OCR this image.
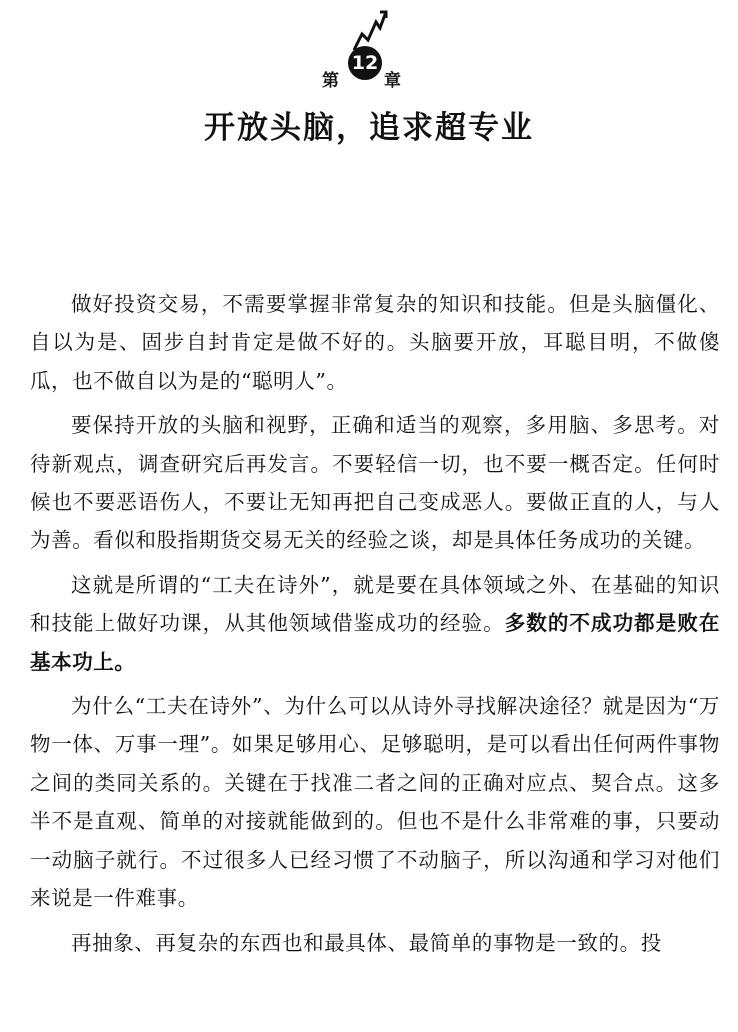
第
12
章
开放头脑，追求超专业

做好投资交易，不需要掌握非常复杂的知识和技能。但是头脑僵化、自以为是、固步自封肯定是做不好的。头脑要开放，耳聪目明，不做傻瓜，也不做自以为是的“聪明人”。

要保持开放的头脑和视野，正确和适当的观察，多用脑、多思考。对待新观点，调查研究后再发言。不要轻信一切，也不要一概否定。任何时候也不要恶语伤人，不要让无知再把自己变成恶人。要做正直的人，与人为善。看似和股指期货交易无关的经验之谈，却是具体任务成功的关键。

这就是所谓的“工夫在诗外”，就是要在具体领域之外、在基础的知识和技能上做好功课，从其他领域借鉴成功的经验。多数的不成功都是败在基本功上。

为什么“工夫在诗外”、为什么可以从诗外寻找解决途径？就是因为“万物一体、万事一理”。如果足够用心、足够聪明，是可以看出任何两件事物之间的类同关系的。关键在于找准二者之间的正确对应点、契合点。这多半不是直观、简单的对接就能做到的。但也不是什么非常难的事，只要动一动脑子就行。不过很多人已经习惯了不动脑子，所以沟通和学习对他们来说是一件难事。

再抽象、再复杂的东西也和最具体、最简单的事物是一致的。投
